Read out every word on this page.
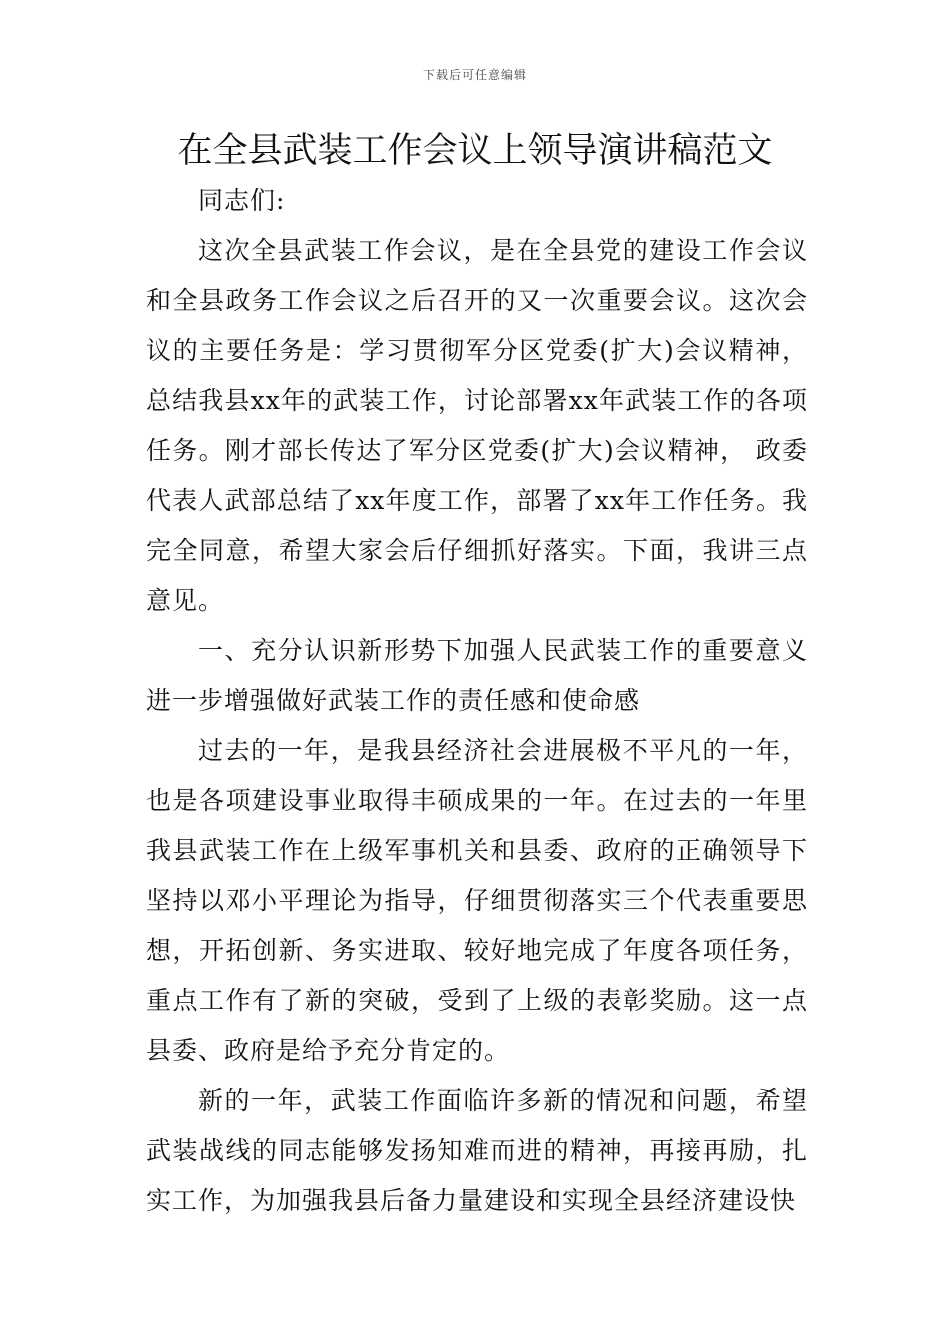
下载后可任意编辑
在全县武装工作会议上领导演讲稿范文

同志们:

这次全县武装工作会议，是在全县党的建设工作会议和全县政务工作会议之后召开的又一次重要会议。这次会议的主要任务是：学习贯彻军分区党委(扩大)会议精神，总结我县xx年的武装工作，讨论部署xx年武装工作的各项任务。刚才部长传达了军分区党委(扩大)会议精神， 政委代表人武部总结了xx年度工作，部署了xx年工作任务。我完全同意，希望大家会后仔细抓好落实。下面，我讲三点意见。

一、充分认识新形势下加强人民武装工作的重要意义进一步增强做好武装工作的责任感和使命感

过去的一年，是我县经济社会进展极不平凡的一年，也是各项建设事业取得丰硕成果的一年。在过去的一年里我县武装工作在上级军事机关和县委、政府的正确领导下坚持以邓小平理论为指导，仔细贯彻落实三个代表重要思想，开拓创新、务实进取、较好地完成了年度各项任务，重点工作有了新的突破，受到了上级的表彰奖励。这一点县委、政府是给予充分肯定的。

新的一年，武装工作面临许多新的情况和问题，希望武装战线的同志能够发扬知难而进的精神，再接再励，扎实工作，为加强我县后备力量建设和实现全县经济建设快
